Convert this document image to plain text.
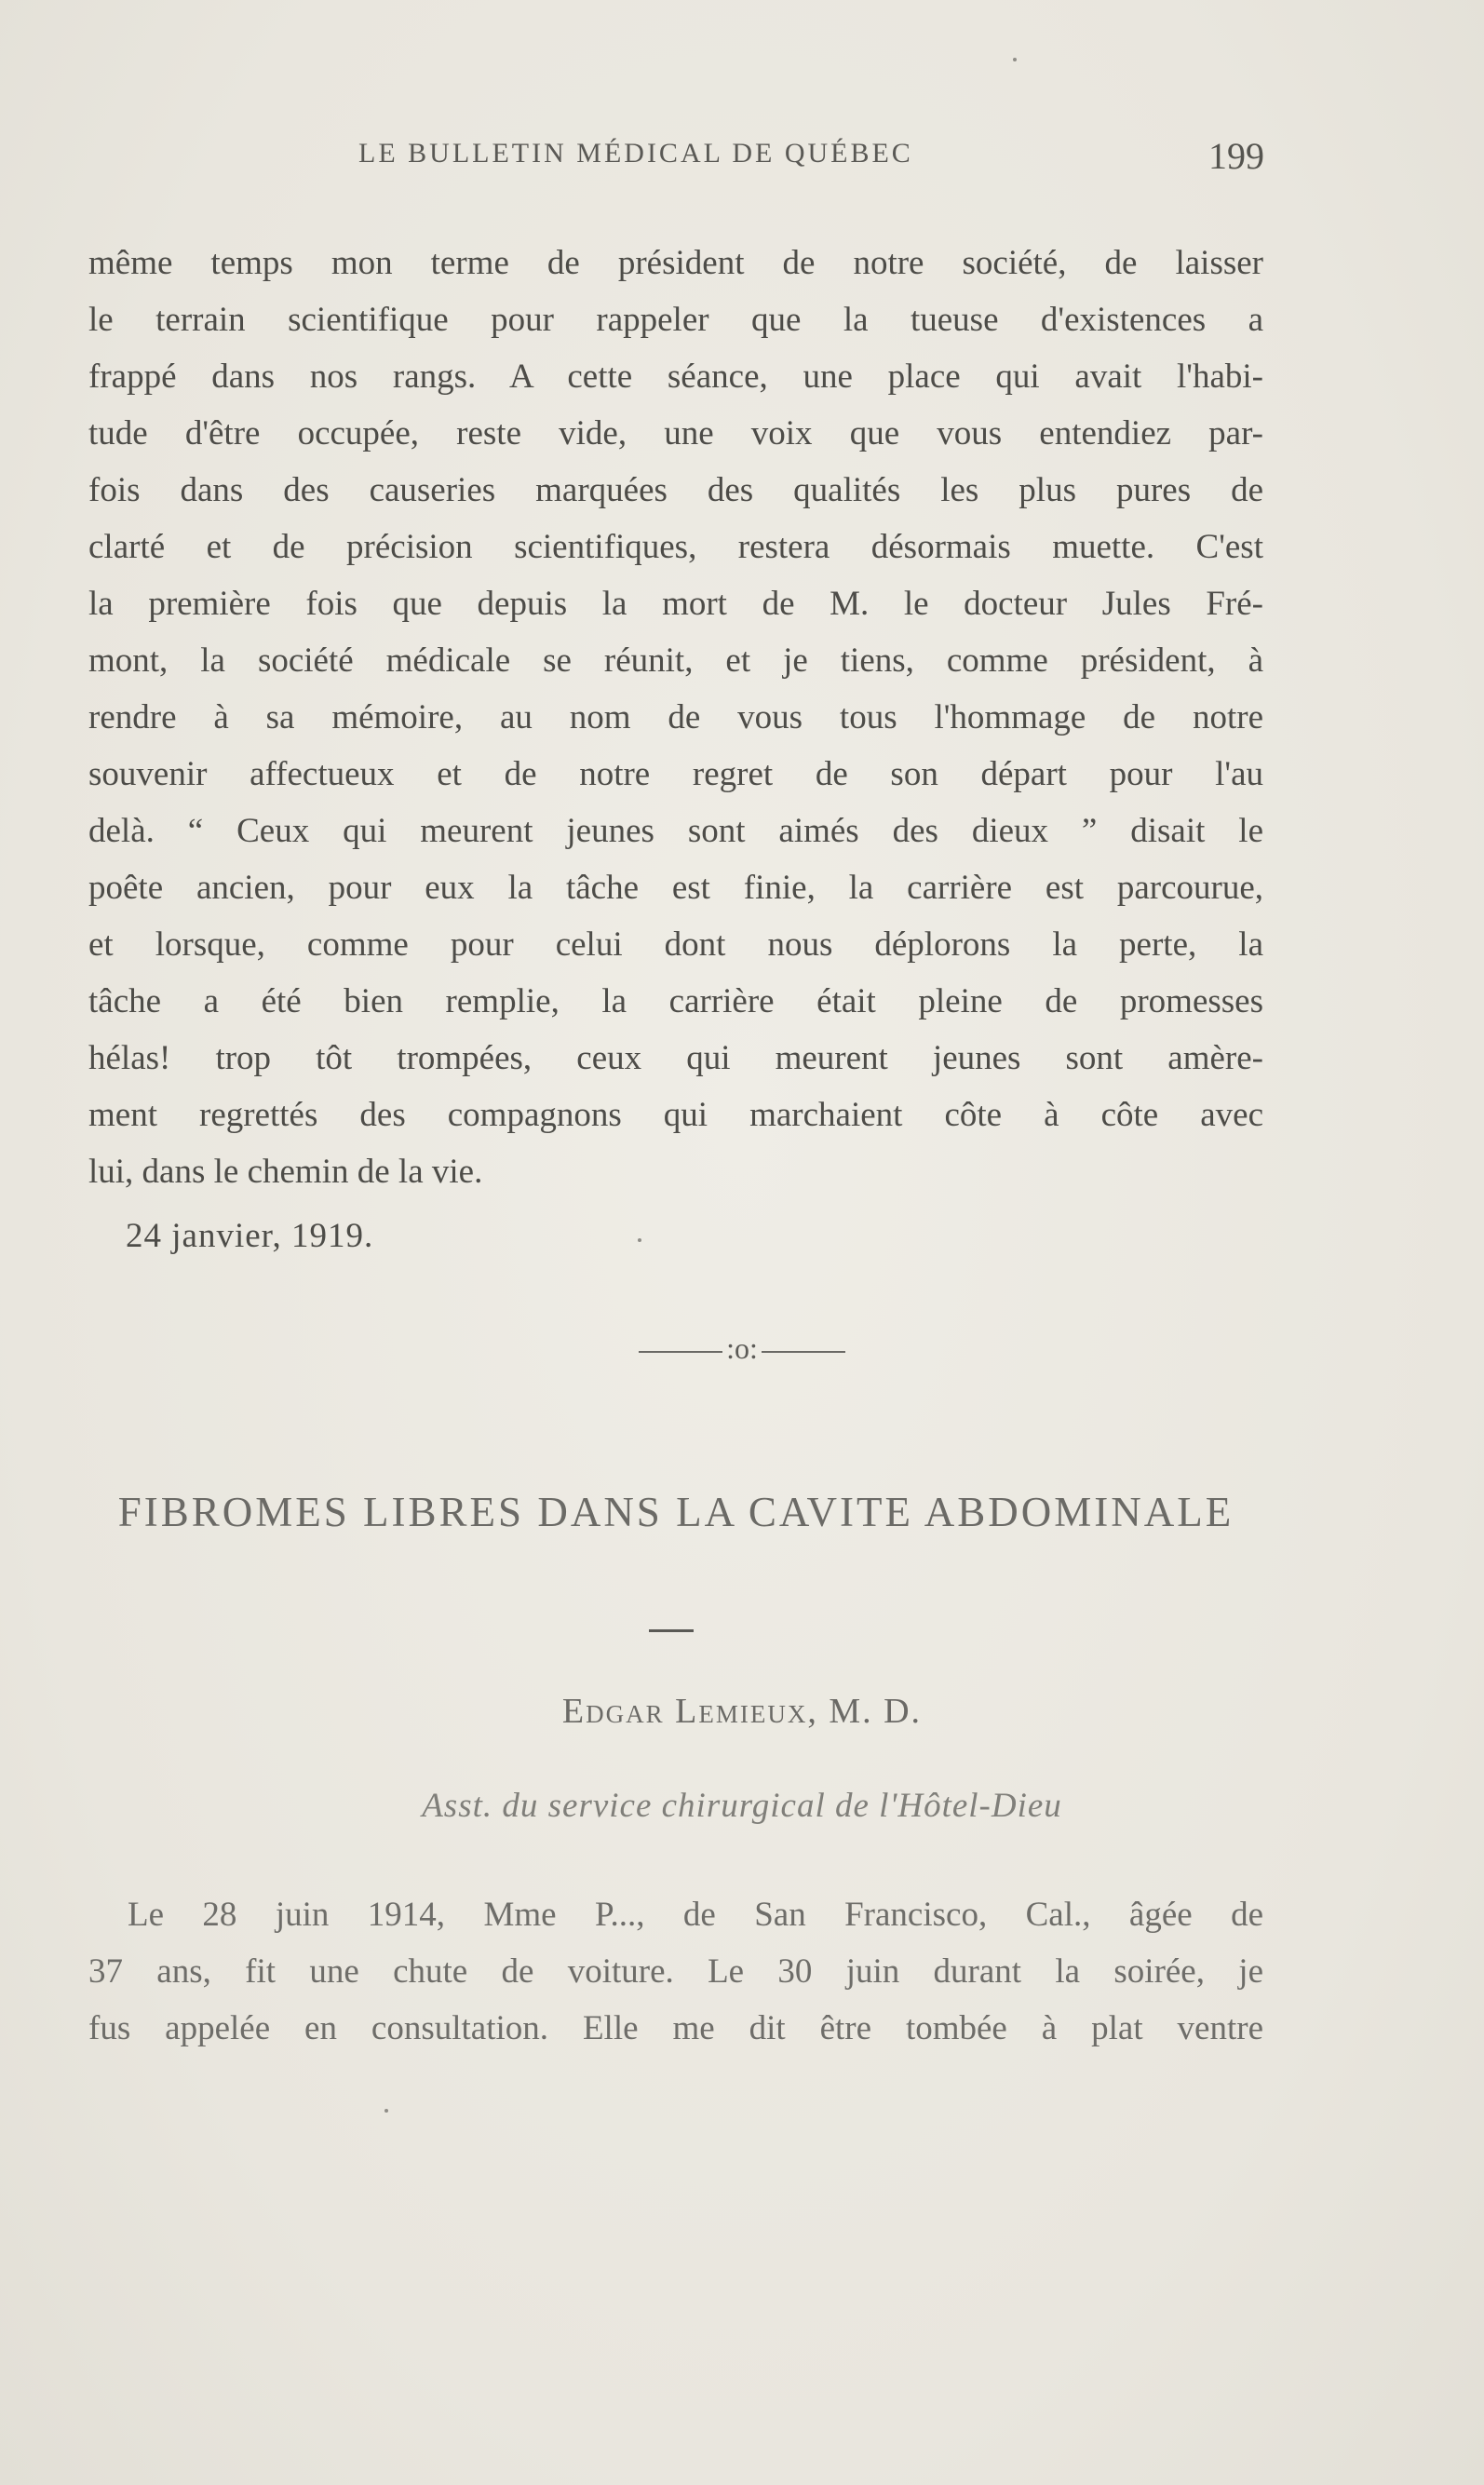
LE BULLETIN MÉDICAL DE QUÉBEC	199

même temps mon terme de président de notre société, de laisser

le terrain scientifique pour rappeler que la tueuse d'existences a

frappé dans nos rangs. A cette séance, une place qui avait l'habi-

tude d'être occupée, reste vide, une voix que vous entendiez par-

fois dans des causeries marquées des qualités les plus pures de

clarté et de précision scientifiques, restera désormais muette. C'est

la première fois que depuis la mort de M. le docteur Jules Fré-

mont, la société médicale se réunit, et je tiens, comme président, à

rendre à sa mémoire, au nom de vous tous l'hommage de notre

souvenir affectueux et de notre regret de son départ pour l'au

delà. “ Ceux qui meurent jeunes sont aimés des dieux ” disait le

poête ancien, pour eux la tâche est finie, la carrière est parcourue,

et lorsque, comme pour celui dont nous déplorons la perte, la

tâche a été bien remplie, la carrière était pleine de promesses

hélas! trop tôt trompées, ceux qui meurent jeunes sont amère-

ment regrettés des compagnons qui marchaient côte à côte avec

lui, dans le chemin de la vie.

24 janvier, 1919.
:o:
FIBROMES LIBRES DANS LA CAVITE ABDOMINALE
Edgar Lemieux, M. D.
Asst. du service chirurgical de l'Hôtel-Dieu

Le 28 juin 1914, Mme P..., de San Francisco, Cal., âgée de

37 ans, fit une chute de voiture. Le 30 juin durant la soirée, je

fus appelée en consultation. Elle me dit être tombée à plat ventre
